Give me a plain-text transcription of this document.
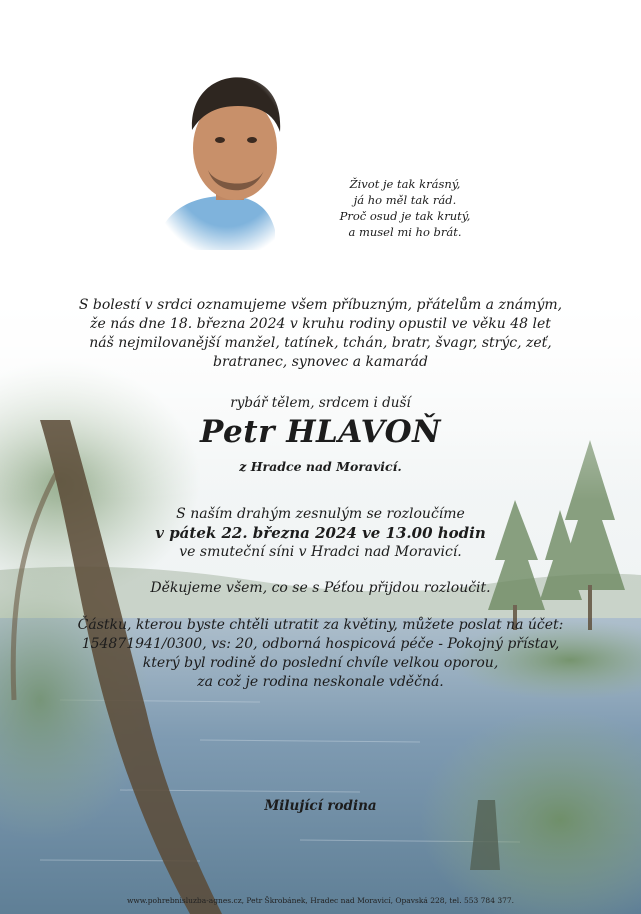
Život je tak krásný,
já ho měl tak rád.
Proč osud je tak krutý,
a musel mi ho brát.
S bolestí v srdci oznamujeme všem příbuzným, přátelům a známým,
že nás dne 18. března 2024 v kruhu rodiny opustil ve věku 48 let
náš nejmilovanější manžel, tatínek, tchán, bratr, švagr, strýc, zeť,
bratranec, synovec a kamarád
rybář tělem, srdcem i duší
Petr HLAVOŇ
z Hradce nad Moravicí.
S naším drahým zesnulým se rozloučíme
v pátek 22. března 2024 ve 13.00 hodin
ve smuteční síni v Hradci nad Moravicí.
Děkujeme všem, co se s Péťou přijdou rozloučit.
Částku, kterou byste chtěli utratit za květiny, můžete poslat na účet:
154871941/0300, vs: 20, odborná hospicová péče - Pokojný přístav,
který byl rodině do poslední chvíle velkou oporou,
za což je rodina neskonale vděčná.
Milující rodina
www.pohrebnisluzba-agnes.cz, Petr Škrobánek, Hradec nad Moravicí, Opavská 228, tel. 553 784 377.
